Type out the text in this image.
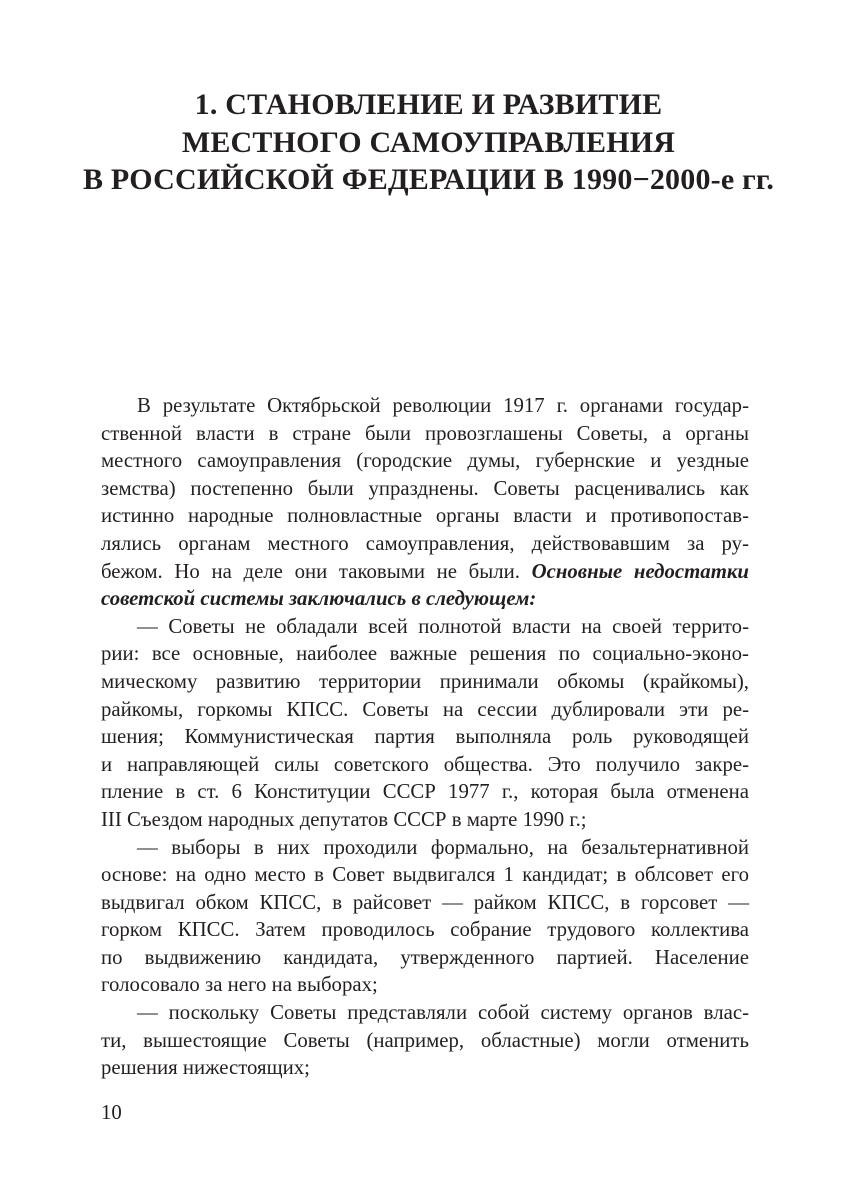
1. СТАНОВЛЕНИЕ И РАЗВИТИЕ
МЕСТНОГО САМОУПРАВЛЕНИЯ
В РОССИЙСКОЙ ФЕДЕРАЦИИ В 1990−2000-е гг.
В результате Октябрьской революции 1917 г. органами государ-
ственной власти в стране были провозглашены Советы, а органы
местного самоуправления (городские думы, губернские и уездные
земства) постепенно были упразднены. Советы расценивались как
истинно народные полновластные органы власти и противопостав-
лялись органам местного самоуправления, действовавшим за ру-
бежом. Но на деле они таковыми не были. Основные недостатки
советской системы заключались в следующем:
— Советы не обладали всей полнотой власти на своей террито-
рии: все основные, наиболее важные решения по социально-эконо-
мическому развитию территории принимали обкомы (крайкомы),
райкомы, горкомы КПСС. Советы на сессии дублировали эти ре-
шения; Коммунистическая партия выполняла роль руководящей
и направляющей силы советского общества. Это получило закре-
пление в ст. 6 Конституции СССР 1977 г., которая была отменена
III Съездом народных депутатов СССР в марте 1990 г.;
— выборы в них проходили формально, на безальтернативной
основе: на одно место в Совет выдвигался 1 кандидат; в облсовет его
выдвигал обком КПСС, в райсовет — райком КПСС, в горсовет —
горком КПСС. Затем проводилось собрание трудового коллектива
по выдвижению кандидата, утвержденного партией. Население
голосовало за него на выборах;
— поскольку Советы представляли собой систему органов влас-
ти, вышестоящие Советы (например, областные) могли отменить
решения нижестоящих;
10
